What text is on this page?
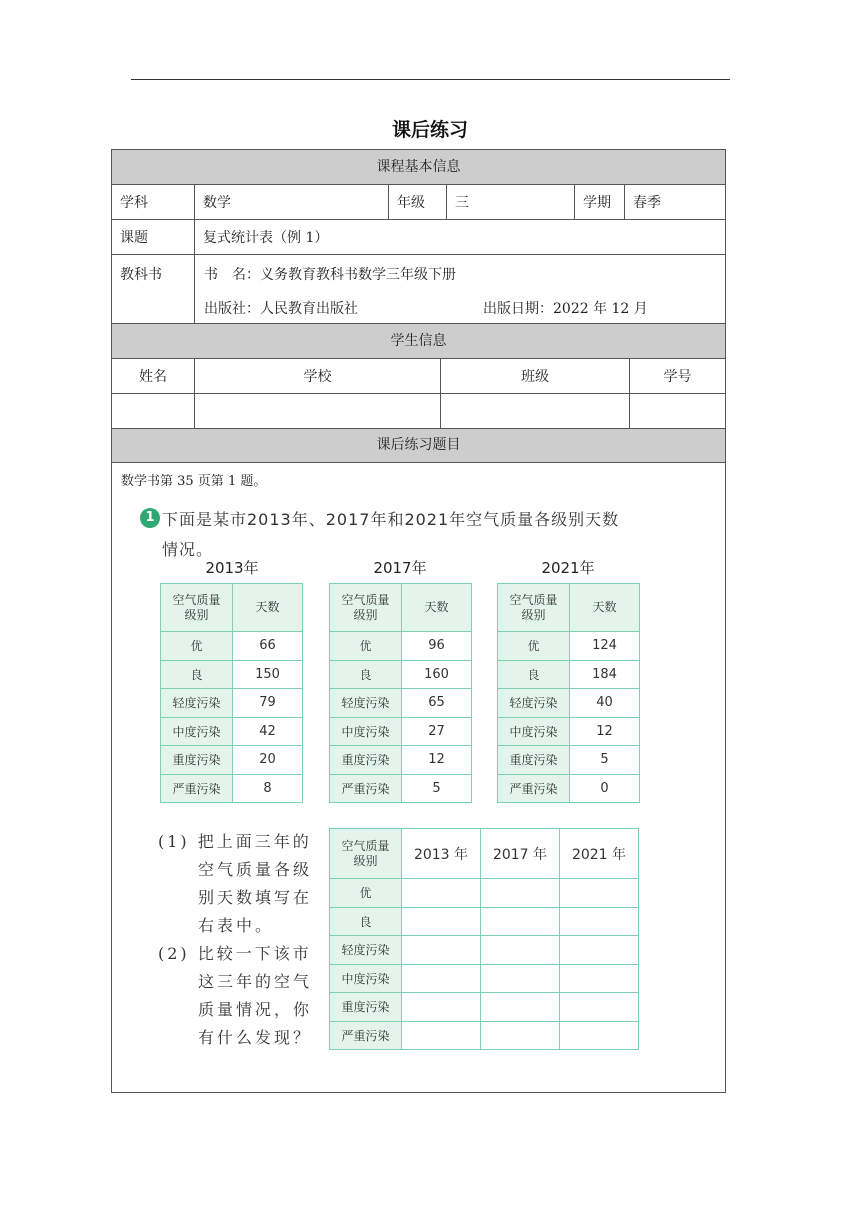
课后练习
课程基本信息
学科	数学	年级	三	学期	春季
课题	复式统计表（例 1）
教科书	书　名：义务教育教科书数学三年级下册
出版社：人民教育出版社	出版日期：2022 年 12 月
学生信息
姓名	学校	班级	学号
课后练习题目
数学书第 35 页第 1 题。
1 下面是某市2013年、2017年和2021年空气质量各级别天数
情况。
2013年	2017年	2021年
空气质量
级别	天数
优	66
良	150
轻度污染	79
中度污染	42
重度污染	20
严重污染	8
空气质量
级别	天数
优	96
良	160
轻度污染	65
中度污染	27
重度污染	12
严重污染	5
空气质量
级别	天数
优	124
良	184
轻度污染	40
中度污染	12
重度污染	5
严重污染	0
(1) 把上面三年的
空气质量各级
别天数填写在
右表中。
(2) 比较一下该市
这三年的空气
质量情况，你
有什么发现？
空气质量
级别	2013 年	2017 年	2021 年
优			
良			
轻度污染			
中度污染			
重度污染			
严重污染			
